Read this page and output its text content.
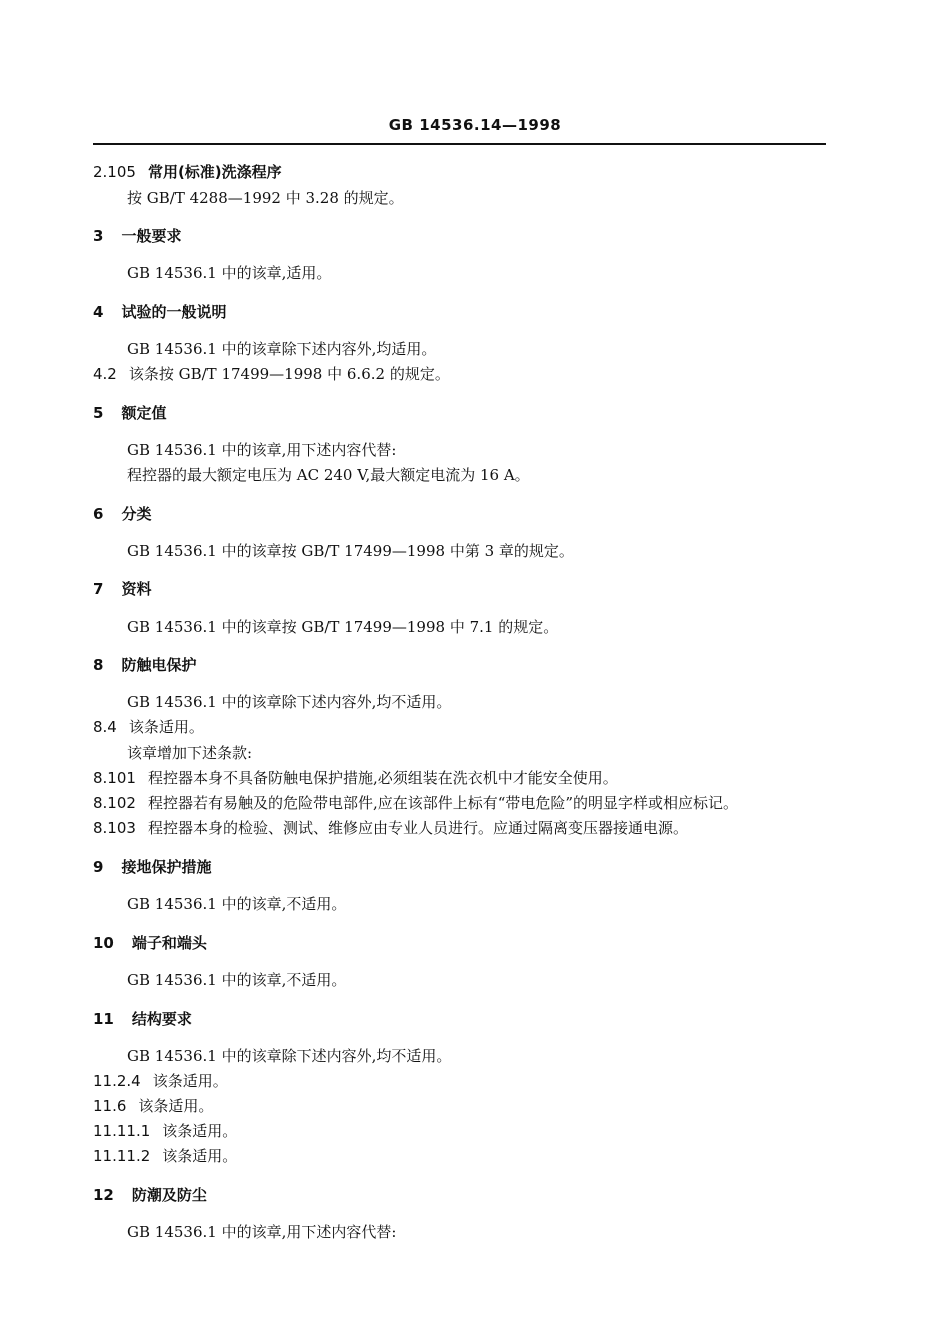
GB 14536.14—1998
2.105 常用(标准)洗涤程序
按 GB/T 4288—1992 中 3.28 的规定。
3 一般要求
GB 14536.1 中的该章,适用。
4 试验的一般说明
GB 14536.1 中的该章除下述内容外,均适用。
4.2 该条按 GB/T 17499—1998 中 6.6.2 的规定。
5 额定值
GB 14536.1 中的该章,用下述内容代替:
程控器的最大额定电压为 AC 240 V,最大额定电流为 16 A。
6 分类
GB 14536.1 中的该章按 GB/T 17499—1998 中第 3 章的规定。
7 资料
GB 14536.1 中的该章按 GB/T 17499—1998 中 7.1 的规定。
8 防触电保护
GB 14536.1 中的该章除下述内容外,均不适用。
8.4 该条适用。
该章增加下述条款:
8.101 程控器本身不具备防触电保护措施,必须组装在洗衣机中才能安全使用。
8.102 程控器若有易触及的危险带电部件,应在该部件上标有“带电危险”的明显字样或相应标记。
8.103 程控器本身的检验、测试、维修应由专业人员进行。应通过隔离变压器接通电源。
9 接地保护措施
GB 14536.1 中的该章,不适用。
10 端子和端头
GB 14536.1 中的该章,不适用。
11 结构要求
GB 14536.1 中的该章除下述内容外,均不适用。
11.2.4 该条适用。
11.6 该条适用。
11.11.1 该条适用。
11.11.2 该条适用。
12 防潮及防尘
GB 14536.1 中的该章,用下述内容代替:
